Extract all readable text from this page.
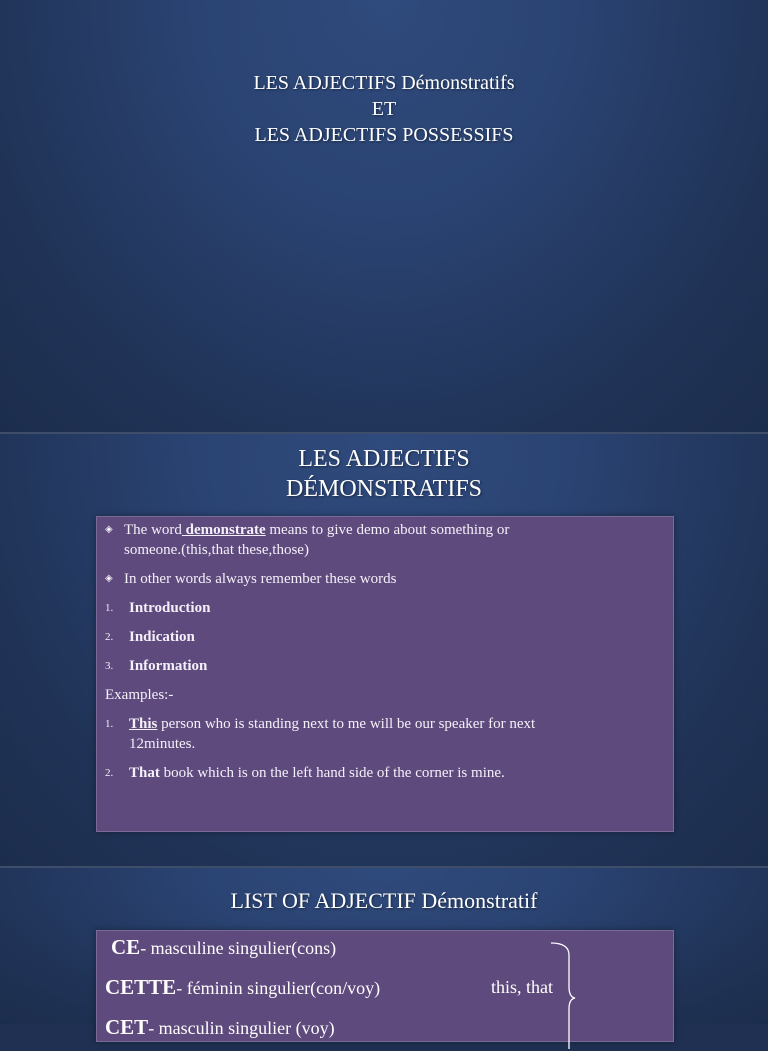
LES ADJECTIFS Démonstratifs
ET
LES ADJECTIFS POSSESSIFS
LES ADJECTIFS
DÉMONSTRATIFS
◈ The word demonstrate means to give demo about something or
someone.(this,that these,those)
◈ In other words always remember these words
1. Introduction
2. Indication
3. Information
Examples:-
1. This person who is standing next to me will be our speaker for next
12minutes.
2. That book which is on the left hand side of the corner is mine.
LIST OF ADJECTIF Démonstratif
CE- masculine singulier(cons)
CETTE- féminin singulier(con/voy)
CET- masculin singulier (voy)
this, that
